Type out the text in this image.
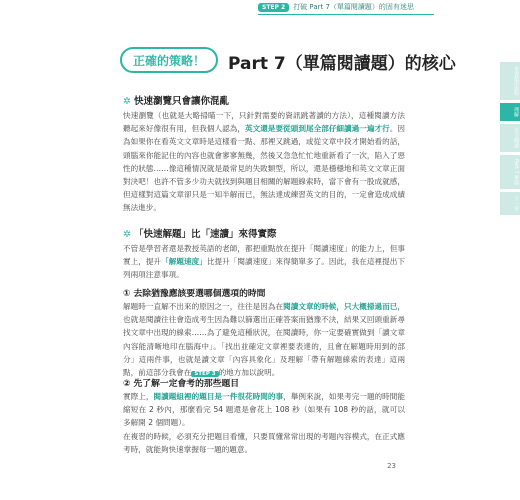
STEP 2	打破 Part 7（單篇閱讀題）的固有迷思
正確的策略！	Part 7（單篇閱讀題）的核心
本書使用說明
理解
英文閱讀
Part 7 單篇
下一章
✲ 快速瀏覽只會讓你混亂
快速瀏覽（也就是大略掃瞄一下，只針對需要的資訊跳著讀的方法），這種閱讀方法聽起來好像很有用，但我個人認為，英文還是要從頭到尾全部仔細讀過一遍才行。因為如果你在看英文文章時是這樣看一點、那裡又跳過，或從文章中段才開始看的話，頭腦來你能記住的內容也就會寥寥無幾，然後又急急忙忙地重新看了一次，陷入了惡性的狀態……像這種情況就是最常見的失敗類型，所以，還是穩穩地和英文文章正面對決吧！也許不管多少功夫就找到與題目相關的解題線索時，當下會有一股成就感，但這樣對這篇文章卻只是一知半解而已，無法達成練習英文的目的，一定會造成成績無法進步。
✲ 「快速解題」比「速讀」來得實際
不管是學習者還是教授英語的老師，都把重點放在提升「閱讀速度」的能力上，但事實上，提升「解題速度」比提升「閱讀速度」來得簡單多了。因此，我在這裡提出下列兩項注意事項。
① 去除猶豫應該要選哪個選項的時間
解題時一直解不出來的原因之一，往往是因為在閱讀文章的時候，只大概掃過而已，也就是閱讀往往會造成考生因為難以篩選出正確答案而猶豫不決，結果又回頭重新尋找文章中出現的線索……為了避免這種狀況，在閱讀時，你一定要確實做到「讀文章內容能清晰地印在腦海中」。「找出並確定文章裡要表達的，且會在解題時用到的部分」這兩件事，也就是讀文章「內容具象化」及理解「帶有解題線索的表達」這兩點，前這部分我會在 STEP 3 的地方加以說明。
② 先了解一定會考的那些題目
實際上，閱讀題組裡的題目是一件很花時間的事，舉例來說，如果考完一題的時間能縮短在 2 秒內，那麼看完 54 題還是會花上 108 秒（如果有 108 秒的話，就可以多解開 2 個問題）。
在複習的時候，必須充分把題目看懂，只要買懂常常出現的考題內容模式，在正式應考時，就能夠快速掌握每一題的題意。
23
